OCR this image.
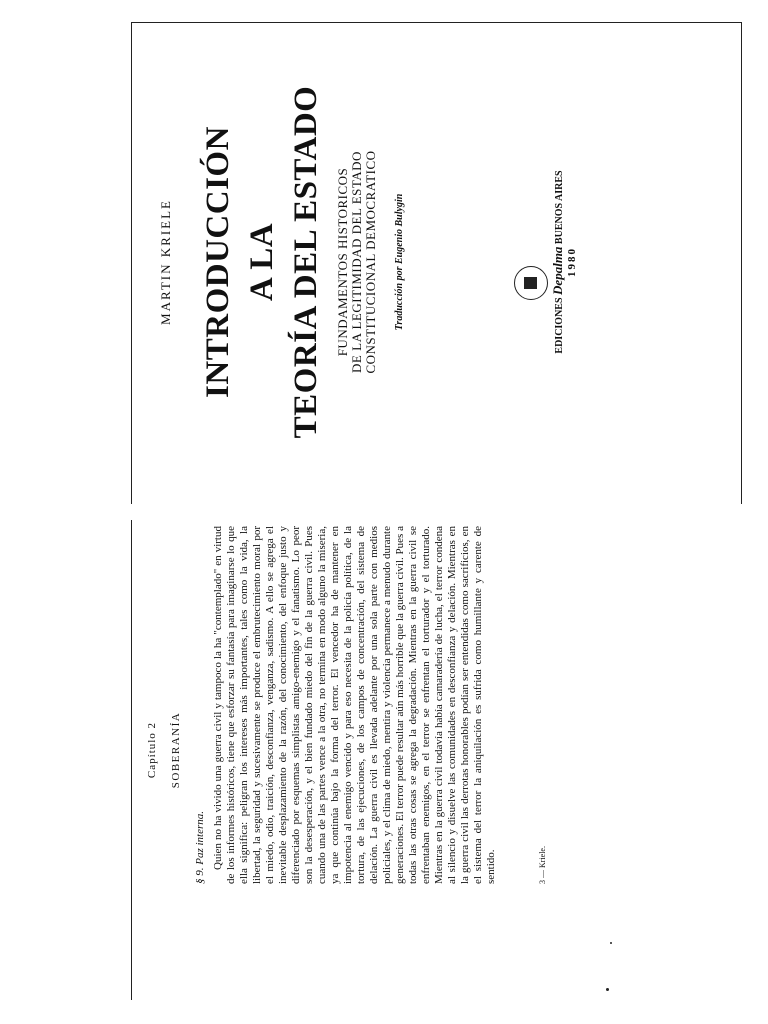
MARTIN KRIELE INTRODUCCIÓN A LA TEORÍA DEL ESTADO FUNDAMENTOS HISTORICOS DE LA LEGITIMIDAD DEL ESTADO CONSTITUCIONAL DEMOCRATICO Traducción por Eugenio Bulygin	EDICIONES Depalma BUENOS AIRES
1980
Capítulo 2 SOBERANÍA
§ 9. Paz interna. Quien no ha vivido una guerra civil y tampoco la ha "contemplado" en virtud de los informes históricos, tiene que esforzar su fantasía para imaginarse lo que ella significa: peligran los intereses más importantes, tales como la vida, la libertad, la seguridad y sucesivamente se produce el embrutecimiento moral por el miedo, odio, traición, desconfianza, venganza, sadismo. A ello se agrega el inevitable desplazamiento de la razón, del conocimiento, del enfoque justo y diferenciado por esquemas simplistas amigo-enemigo y el fanatismo. Lo peor son la desesperación, y el bien fundado miedo del fin de la guerra civil. Pues cuando una de las partes vence a la otra, no termina en modo alguno la miseria, ya que continúa bajo la forma del terror. El vencedor ha de mantener en impotencia al enemigo vencido y para eso necesita de la policía política, de la tortura, de las ejecuciones, de los campos de concentración, del sistema de delación. La guerra civil es llevada adelante por una sola parte con medios policiales, y el clima de miedo, mentira y violencia permanece a menudo durante generaciones. El terror puede resultar aún más horrible que la guerra civil. Pues a todas las otras cosas se agrega la degradación. Mientras en la guerra civil se enfrentaban enemigos, en el terror se enfrentan el torturador y el torturado. Mientras en la guerra civil todavía había camaradería de lucha, el terror condena al silencio y disuelve las comunidades en desconfianza y delación. Mientras en la guerra civil las derrotas honorables podían ser entendidas como sacrificios, en el sistema del terror la aniquilación es sufrida como humillante y carente de sentido.	3 — Kriele.
